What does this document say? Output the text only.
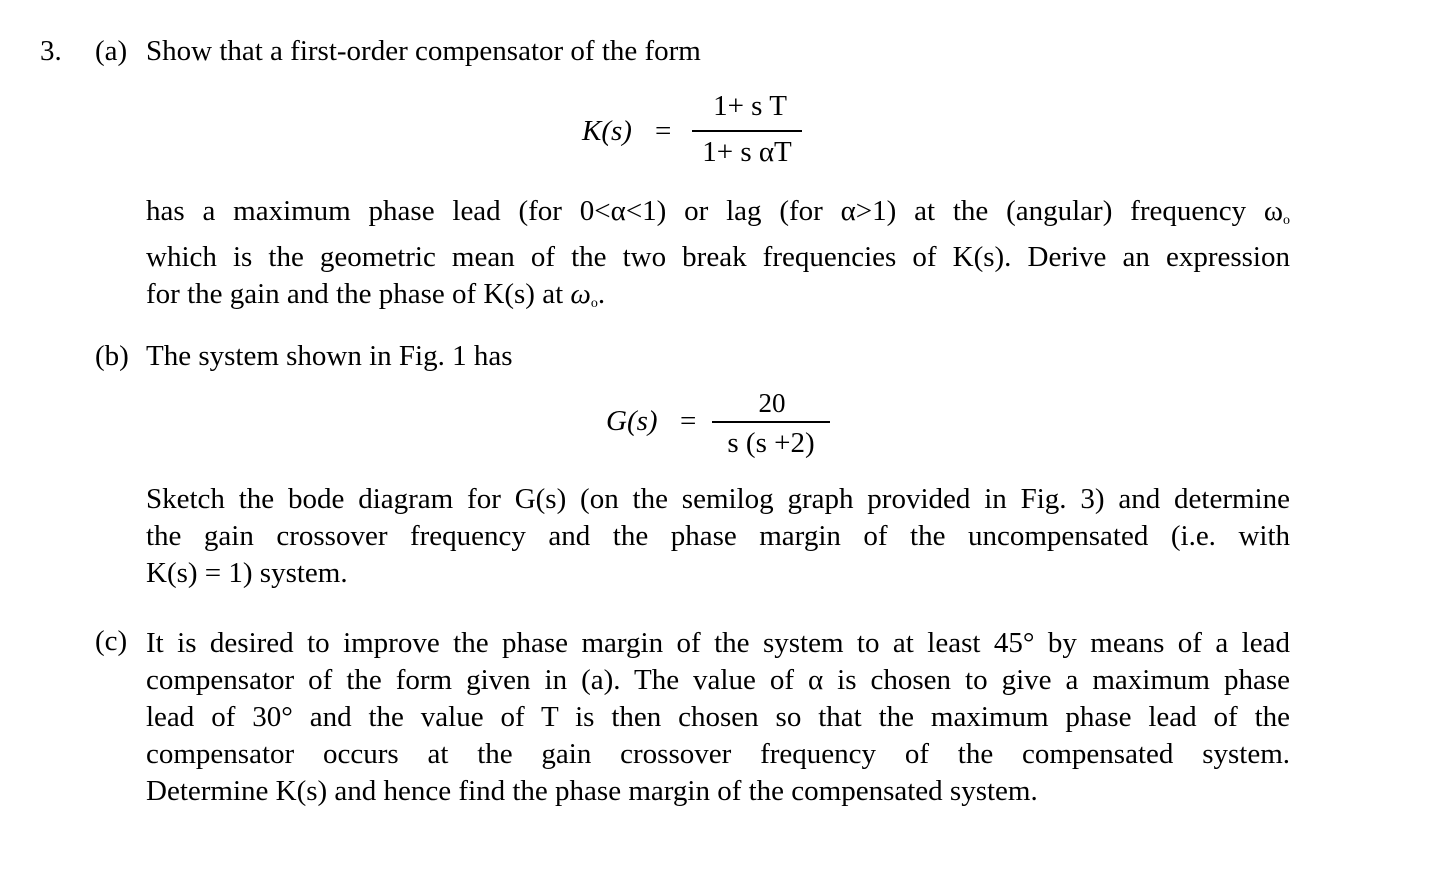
3. (a) Show that a first-order compensator of the form
K(s) =
1+ s T
1+ s αT
has a maximum phase lead (for 0<α<1) or lag (for α>1) at the (angular) frequency $\omega_o$
which is the geometric mean of the two break frequencies of K(s). Derive an expression
for the gain and the phase of K(s) at $\omega_o$.
(b) The system shown in Fig. 1 has
G(s) =
20
s (s +2)
Sketch the bode diagram for G(s) (on the semilog graph provided in Fig. 3) and determine
the gain crossover frequency and the phase margin of the uncompensated (i.e. with
K(s) = 1) system.
(c) It is desired to improve the phase margin of the system to at least 45° by means of a lead
compensator of the form given in (a). The value of α is chosen to give a maximum phase
lead of 30° and the value of T is then chosen so that the maximum phase lead of the
compensator occurs at the gain crossover frequency of the compensated system.
Determine K(s) and hence find the phase margin of the compensated system.
